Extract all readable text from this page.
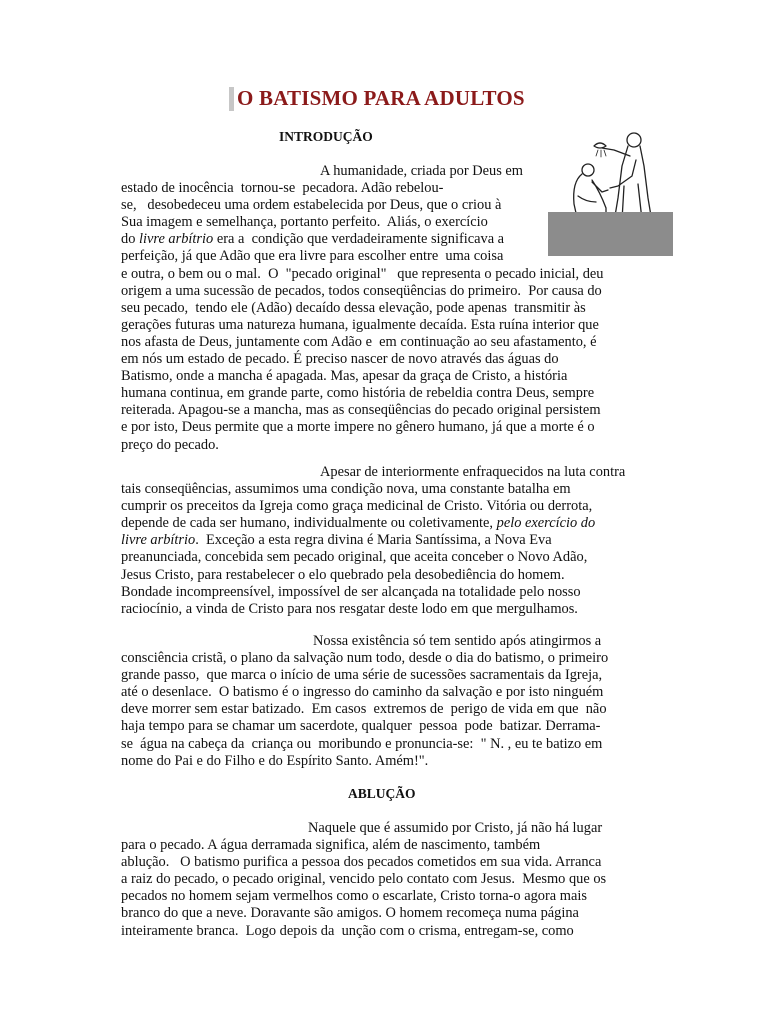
O BATISMO PARA ADULTOS
INTRODUÇÃO
A humanidade, criada por Deus em
estado de inocência  tornou-se  pecadora. Adão rebelou-
se,   desobedeceu uma ordem estabelecida por Deus, que o criou à
Sua imagem e semelhança, portanto perfeito.  Aliás, o exercício
do livre arbítrio era a  condição que verdadeiramente significava a
perfeição, já que Adão que era livre para escolher entre  uma coisa
e outra, o bem ou o mal.  O  "pecado original"   que representa o pecado inicial, deu
origem a uma sucessão de pecados, todos conseqüências do primeiro.  Por causa do
seu pecado,  tendo ele (Adão) decaído dessa elevação, pode apenas  transmitir às
gerações futuras uma natureza humana, igualmente decaída. Esta ruína interior que
nos afasta de Deus, juntamente com Adão e  em continuação ao seu afastamento, é
em nós um estado de pecado. É preciso nascer de novo através das águas do
Batismo, onde a mancha é apagada. Mas, apesar da graça de Cristo, a história
humana continua, em grande parte, como história de rebeldia contra Deus, sempre
reiterada. Apagou-se a mancha, mas as conseqüências do pecado original persistem
e por isto, Deus permite que a morte impere no gênero humano, já que a morte é o
preço do pecado.
Apesar de interiormente enfraquecidos na luta contra
tais conseqüências, assumimos uma condição nova, uma constante batalha em
cumprir os preceitos da Igreja como graça medicinal de Cristo. Vitória ou derrota,
depende de cada ser humano, individualmente ou coletivamente, pelo exercício do
livre arbítrio.  Exceção a esta regra divina é Maria Santíssima, a Nova Eva
preanunciada, concebida sem pecado original, que aceita conceber o Novo Adão,
Jesus Cristo, para restabelecer o elo quebrado pela desobediência do homem.
Bondade incompreensível, impossível de ser alcançada na totalidade pelo nosso
raciocínio, a vinda de Cristo para nos resgatar deste lodo em que mergulhamos.
Nossa existência só tem sentido após atingirmos a
consciência cristã, o plano da salvação num todo, desde o dia do batismo, o primeiro
grande passo,  que marca o início de uma série de sucessões sacramentais da Igreja,
até o desenlace.  O batismo é o ingresso do caminho da salvação e por isto ninguém
deve morrer sem estar batizado.  Em casos  extremos de  perigo de vida em que  não
haja tempo para se chamar um sacerdote, qualquer  pessoa  pode  batizar. Derrama-
se  água na cabeça da  criança ou  moribundo e pronuncia-se:  " N. , eu te batizo em
nome do Pai e do Filho e do Espírito Santo. Amém!".
ABLUÇÃO
Naquele que é assumido por Cristo, já não há lugar
para o pecado. A água derramada significa, além de nascimento, também
ablução.   O batismo purifica a pessoa dos pecados cometidos em sua vida. Arranca
a raiz do pecado, o pecado original, vencido pelo contato com Jesus.  Mesmo que os
pecados no homem sejam vermelhos como o escarlate, Cristo torna-o agora mais
branco do que a neve. Doravante são amigos. O homem recomeça numa página
inteiramente branca.  Logo depois da  unção com o crisma, entregam-se, como
